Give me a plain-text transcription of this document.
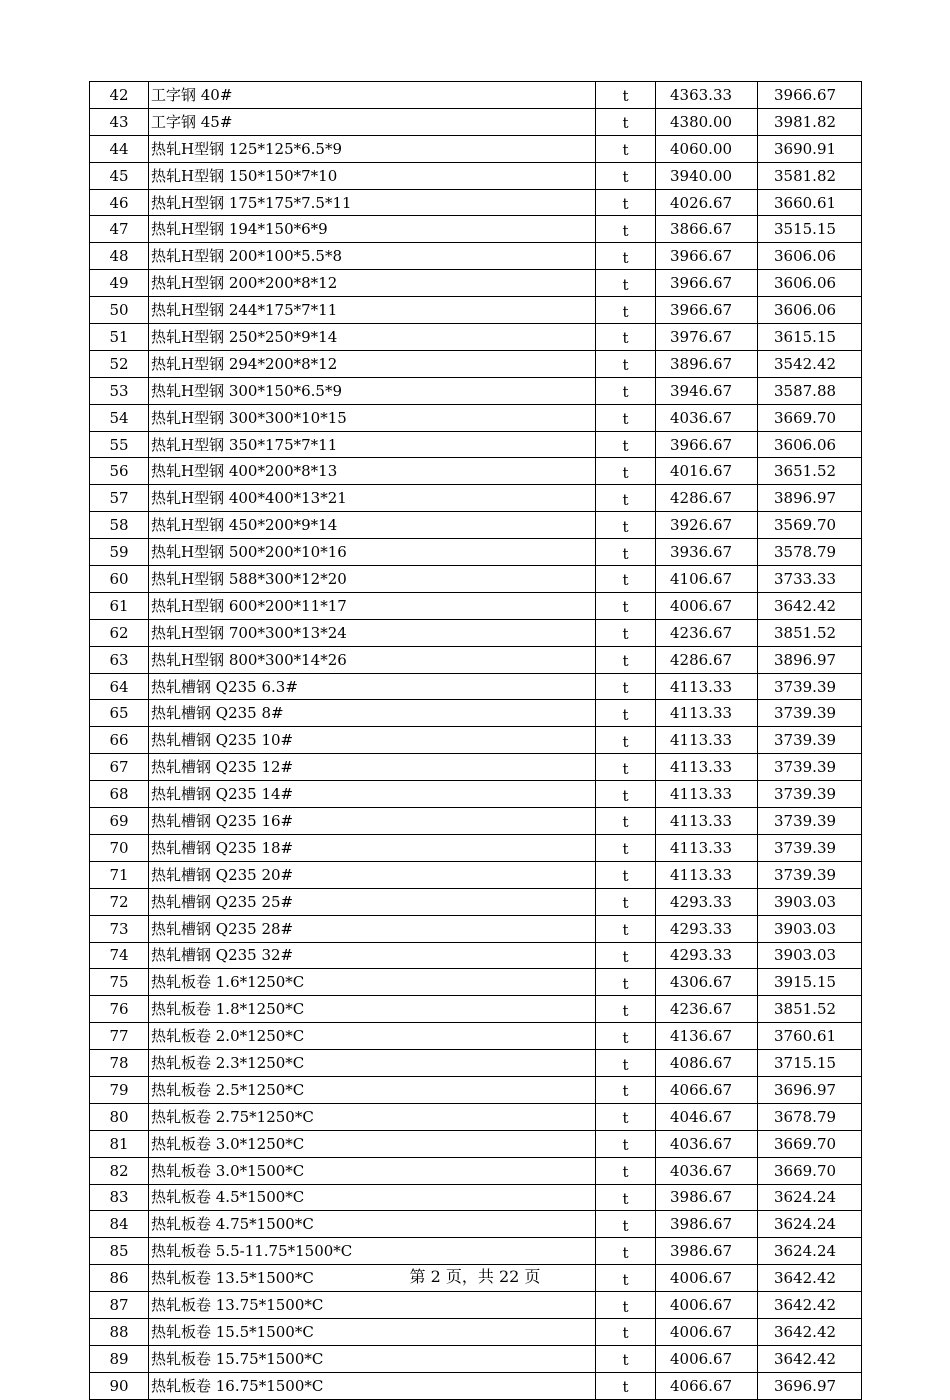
42	工字钢 40#	t	4363.33	3966.67
43	工字钢 45#	t	4380.00	3981.82
44	热轧H型钢 125*125*6.5*9	t	4060.00	3690.91
45	热轧H型钢 150*150*7*10	t	3940.00	3581.82
46	热轧H型钢 175*175*7.5*11	t	4026.67	3660.61
47	热轧H型钢 194*150*6*9	t	3866.67	3515.15
48	热轧H型钢 200*100*5.5*8	t	3966.67	3606.06
49	热轧H型钢 200*200*8*12	t	3966.67	3606.06
50	热轧H型钢 244*175*7*11	t	3966.67	3606.06
51	热轧H型钢 250*250*9*14	t	3976.67	3615.15
52	热轧H型钢 294*200*8*12	t	3896.67	3542.42
53	热轧H型钢 300*150*6.5*9	t	3946.67	3587.88
54	热轧H型钢 300*300*10*15	t	4036.67	3669.70
55	热轧H型钢 350*175*7*11	t	3966.67	3606.06
56	热轧H型钢 400*200*8*13	t	4016.67	3651.52
57	热轧H型钢 400*400*13*21	t	4286.67	3896.97
58	热轧H型钢 450*200*9*14	t	3926.67	3569.70
59	热轧H型钢 500*200*10*16	t	3936.67	3578.79
60	热轧H型钢 588*300*12*20	t	4106.67	3733.33
61	热轧H型钢 600*200*11*17	t	4006.67	3642.42
62	热轧H型钢 700*300*13*24	t	4236.67	3851.52
63	热轧H型钢 800*300*14*26	t	4286.67	3896.97
64	热轧槽钢 Q235 6.3#	t	4113.33	3739.39
65	热轧槽钢 Q235 8#	t	4113.33	3739.39
66	热轧槽钢 Q235 10#	t	4113.33	3739.39
67	热轧槽钢 Q235 12#	t	4113.33	3739.39
68	热轧槽钢 Q235 14#	t	4113.33	3739.39
69	热轧槽钢 Q235 16#	t	4113.33	3739.39
70	热轧槽钢 Q235 18#	t	4113.33	3739.39
71	热轧槽钢 Q235 20#	t	4113.33	3739.39
72	热轧槽钢 Q235 25#	t	4293.33	3903.03
73	热轧槽钢 Q235 28#	t	4293.33	3903.03
74	热轧槽钢 Q235 32#	t	4293.33	3903.03
75	热轧板卷 1.6*1250*C	t	4306.67	3915.15
76	热轧板卷 1.8*1250*C	t	4236.67	3851.52
77	热轧板卷 2.0*1250*C	t	4136.67	3760.61
78	热轧板卷 2.3*1250*C	t	4086.67	3715.15
79	热轧板卷 2.5*1250*C	t	4066.67	3696.97
80	热轧板卷 2.75*1250*C	t	4046.67	3678.79
81	热轧板卷 3.0*1250*C	t	4036.67	3669.70
82	热轧板卷 3.0*1500*C	t	4036.67	3669.70
83	热轧板卷 4.5*1500*C	t	3986.67	3624.24
84	热轧板卷 4.75*1500*C	t	3986.67	3624.24
85	热轧板卷 5.5-11.75*1500*C	t	3986.67	3624.24
86	热轧板卷 13.5*1500*C	t	4006.67	3642.42
87	热轧板卷 13.75*1500*C	t	4006.67	3642.42
88	热轧板卷 15.5*1500*C	t	4006.67	3642.42
89	热轧板卷 15.75*1500*C	t	4006.67	3642.42
90	热轧板卷 16.75*1500*C	t	4066.67	3696.97
第 2 页，共 22 页
